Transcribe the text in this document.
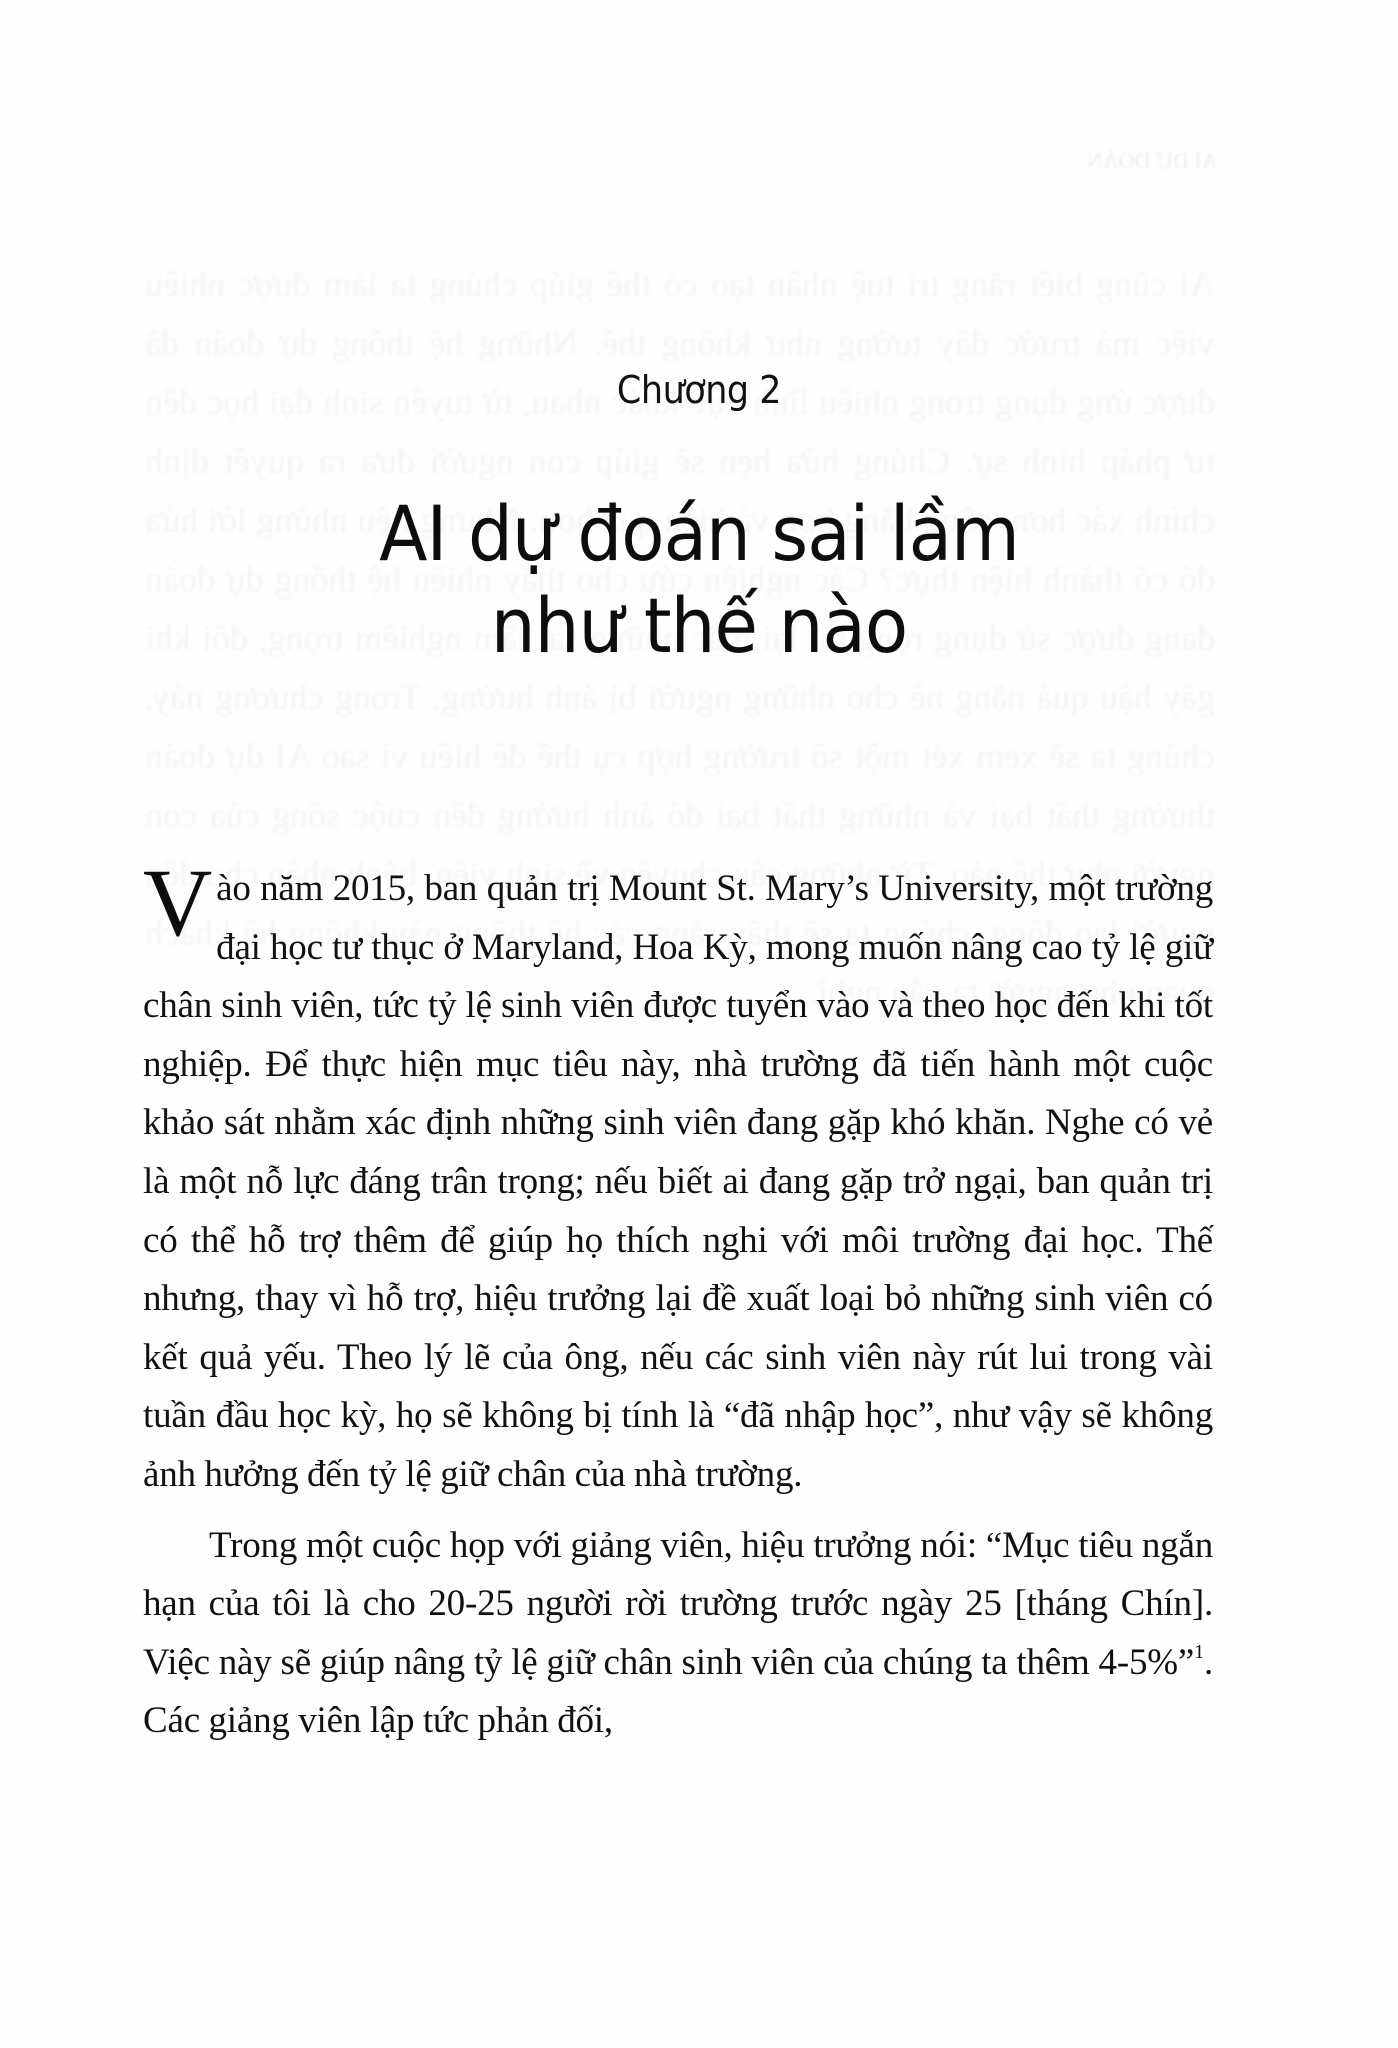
AI DỰ ĐOÁN
Chương 2
AI dự đoán sai lầm
như thế nào

Vào năm 2015, ban quản trị Mount St. Mary’s University, một trường đại học tư thục ở Maryland, Hoa Kỳ, mong muốn nâng cao tỷ lệ giữ chân sinh viên, tức tỷ lệ sinh viên được tuyển vào và theo học đến khi tốt nghiệp. Để thực hiện mục tiêu này, nhà trường đã tiến hành một cuộc khảo sát nhằm xác định những sinh viên đang gặp khó khăn. Nghe có vẻ là một nỗ lực đáng trân trọng; nếu biết ai đang gặp trở ngại, ban quản trị có thể hỗ trợ thêm để giúp họ thích nghi với môi trường đại học. Thế nhưng, thay vì hỗ trợ, hiệu trưởng lại đề xuất loại bỏ những sinh viên có kết quả yếu. Theo lý lẽ của ông, nếu các sinh viên này rút lui trong vài tuần đầu học kỳ, họ sẽ không bị tính là “đã nhập học”, như vậy sẽ không ảnh hưởng đến tỷ lệ giữ chân của nhà trường.

Trong một cuộc họp với giảng viên, hiệu trưởng nói: “Mục tiêu ngắn hạn của tôi là cho 20-25 người rời trường trước ngày 25 [tháng Chín]. Việc này sẽ giúp nâng tỷ lệ giữ chân sinh viên của chúng ta thêm 4-5%”$^1$. Các giảng viên lập tức phản đối,
